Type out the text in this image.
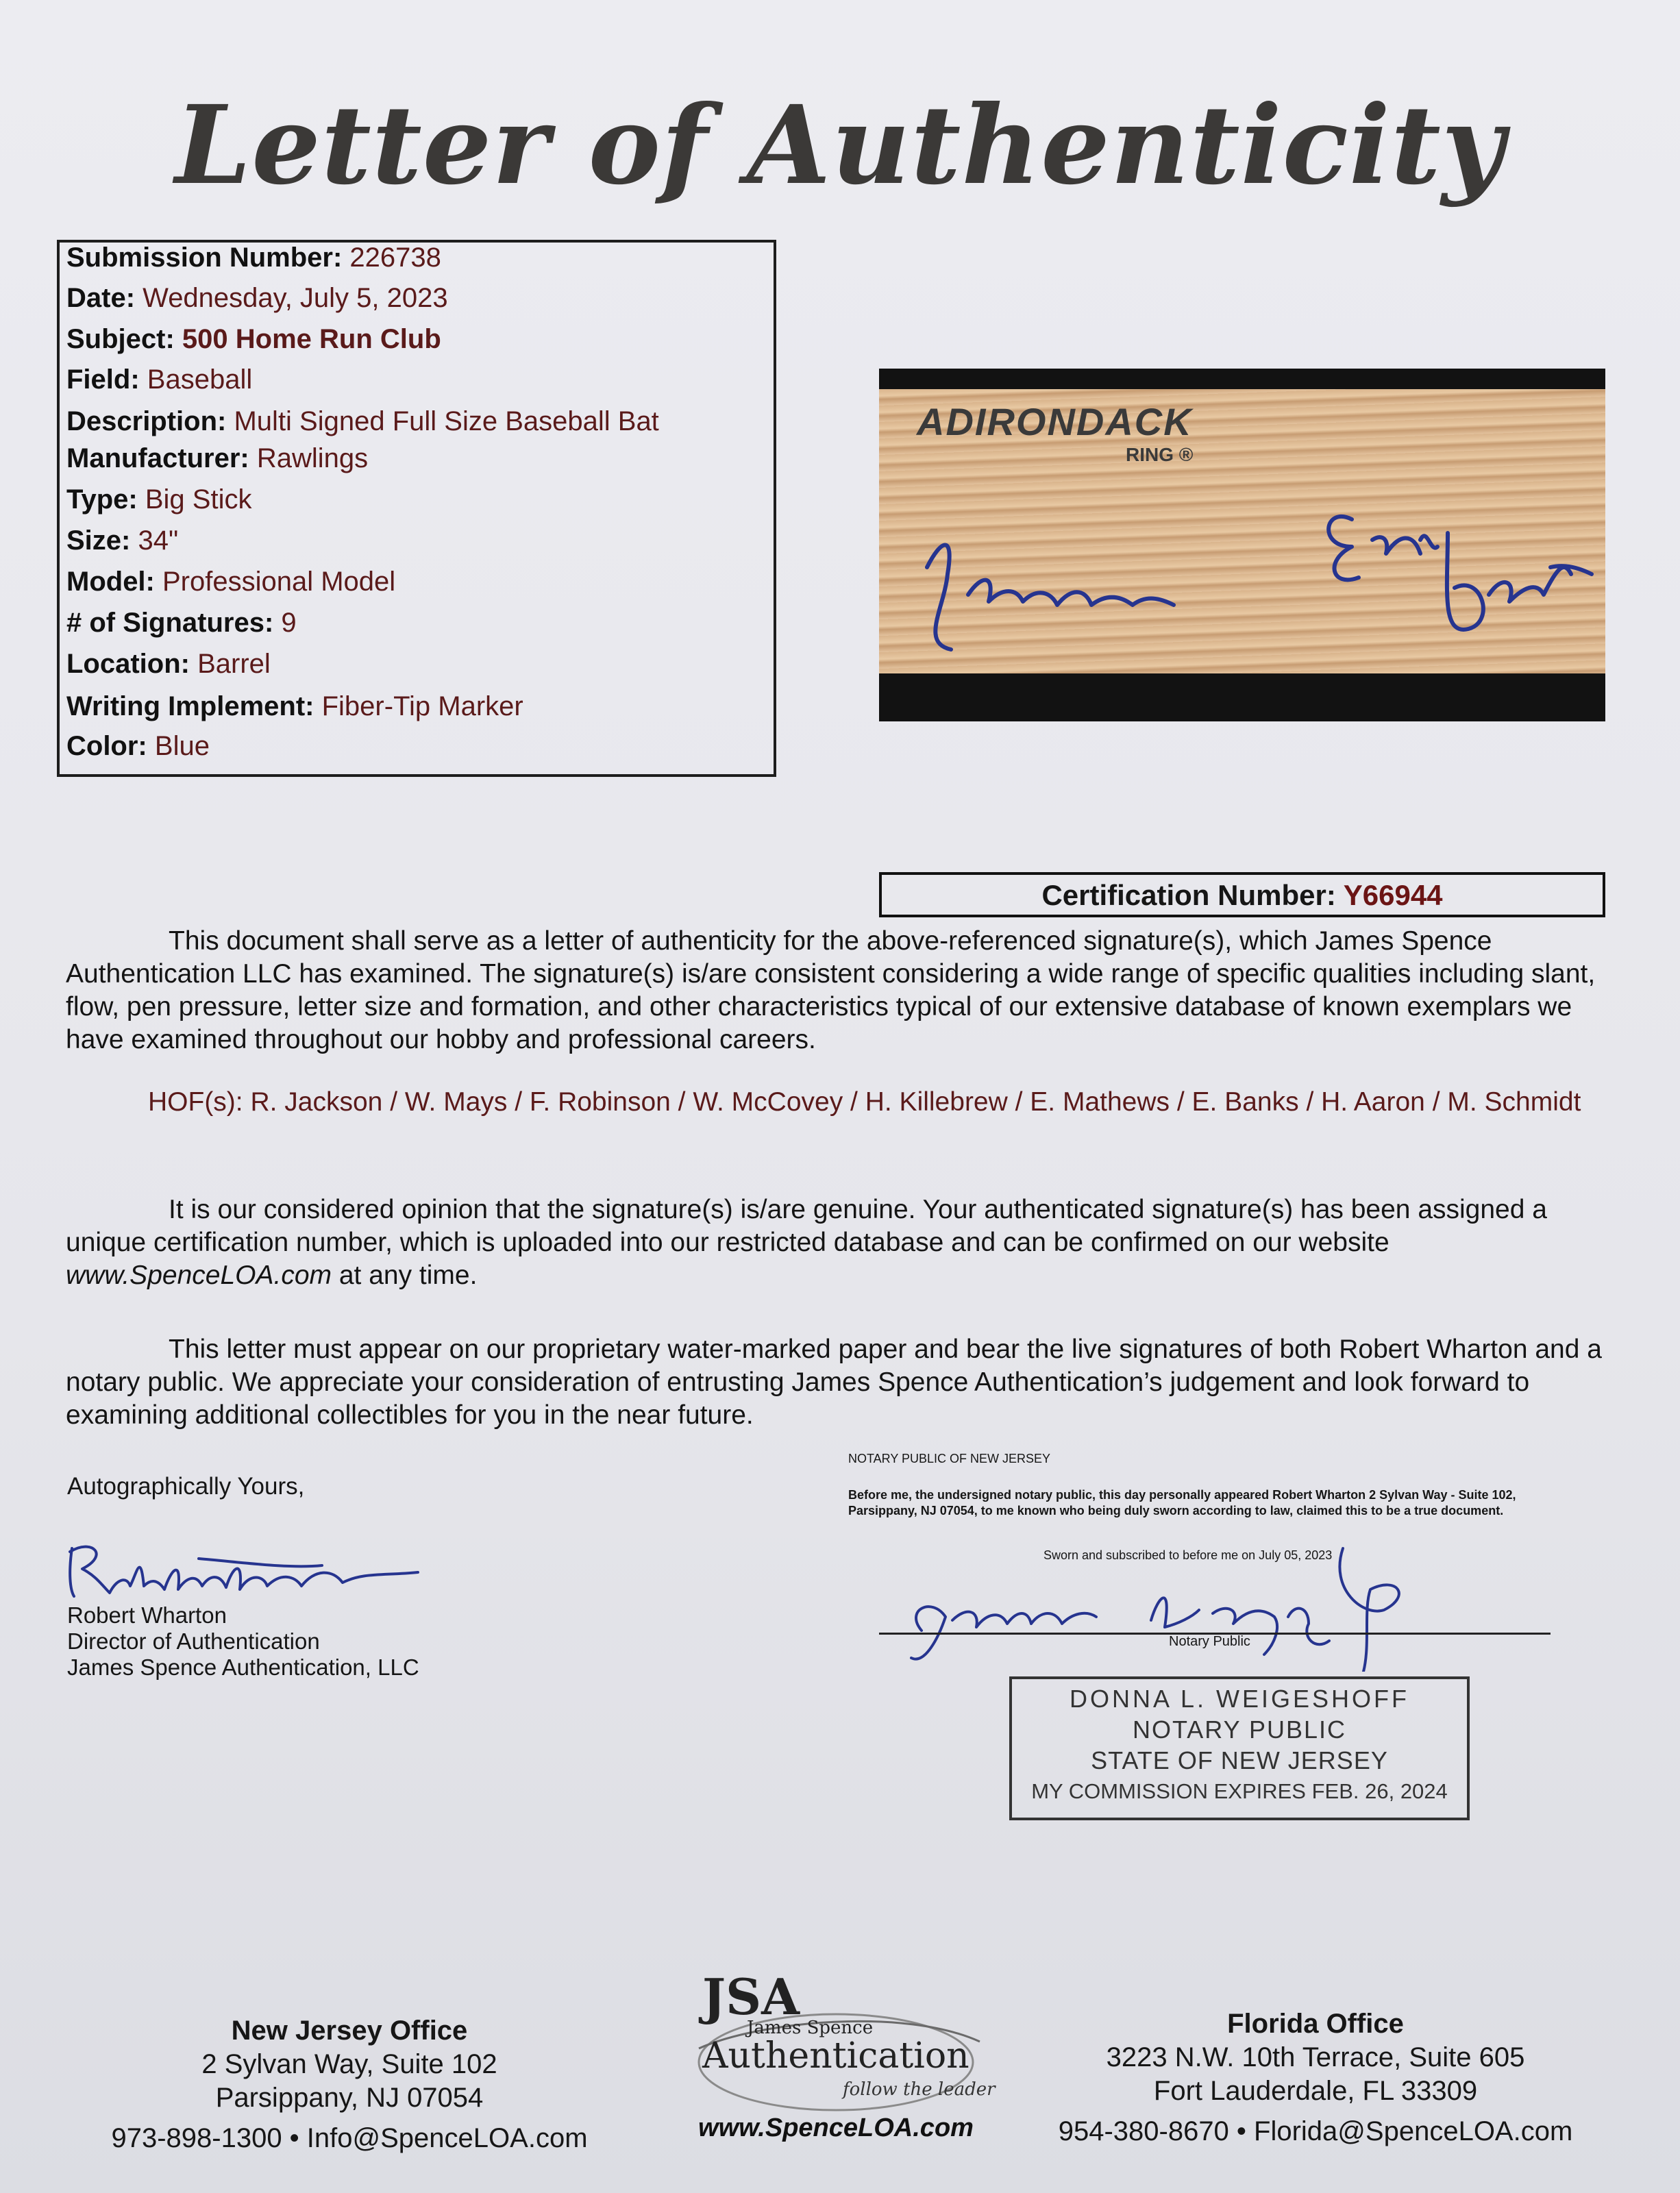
Letter of Authenticity
Submission Number: 226738
Date: Wednesday, July 5, 2023
Subject: 500 Home Run Club
Field: Baseball
Description: Multi Signed Full Size Baseball Bat
Manufacturer: Rawlings
Type: Big Stick
Size: 34"
Model: Professional Model
# of Signatures: 9
Location: Barrel
Writing Implement: Fiber-Tip Marker
Color: Blue
ADIRONDACK
RING ®
Certification Number: Y66944
This document shall serve as a letter of authenticity for the above-referenced signature(s), which James Spence Authentication LLC has examined. The signature(s) is/are consistent considering a wide range of specific qualities including slant, flow, pen pressure, letter size and formation, and other characteristics typical of our extensive database of known exemplars we have examined throughout our hobby and professional careers.
HOF(s): R. Jackson / W. Mays / F. Robinson / W. McCovey / H. Killebrew / E. Mathews / E. Banks / H. Aaron / M. Schmidt
It is our considered opinion that the signature(s) is/are genuine. Your authenticated signature(s) has been assigned a unique certification number, which is uploaded into our restricted database and can be confirmed on our website www.SpenceLOA.com at any time.
This letter must appear on our proprietary water-marked paper and bear the live signatures of both Robert Wharton and a notary public. We appreciate your consideration of entrusting James Spence Authentication’s judgement and look forward to examining additional collectibles for you in the near future.
Autographically Yours,
Robert Wharton
Director of Authentication
James Spence Authentication, LLC
NOTARY PUBLIC OF NEW JERSEY
Before me, the undersigned notary public, this day personally appeared Robert Wharton 2 Sylvan Way - Suite 102, Parsippany, NJ 07054, to me known who being duly sworn according to law, claimed this to be a true document.
Sworn and subscribed to before me on July 05, 2023
Notary Public
DONNA L. WEIGESHOFF
NOTARY PUBLIC
STATE OF NEW JERSEY
MY COMMISSION EXPIRES FEB. 26, 2024
New Jersey Office
2 Sylvan Way, Suite 102
Parsippany, NJ 07054
973-898-1300 • Info@SpenceLOA.com
JSA
James Spence
Authentication
follow the leader
www.SpenceLOA.com
Florida Office
3223 N.W. 10th Terrace, Suite 605
Fort Lauderdale, FL 33309
954-380-8670 • Florida@SpenceLOA.com
